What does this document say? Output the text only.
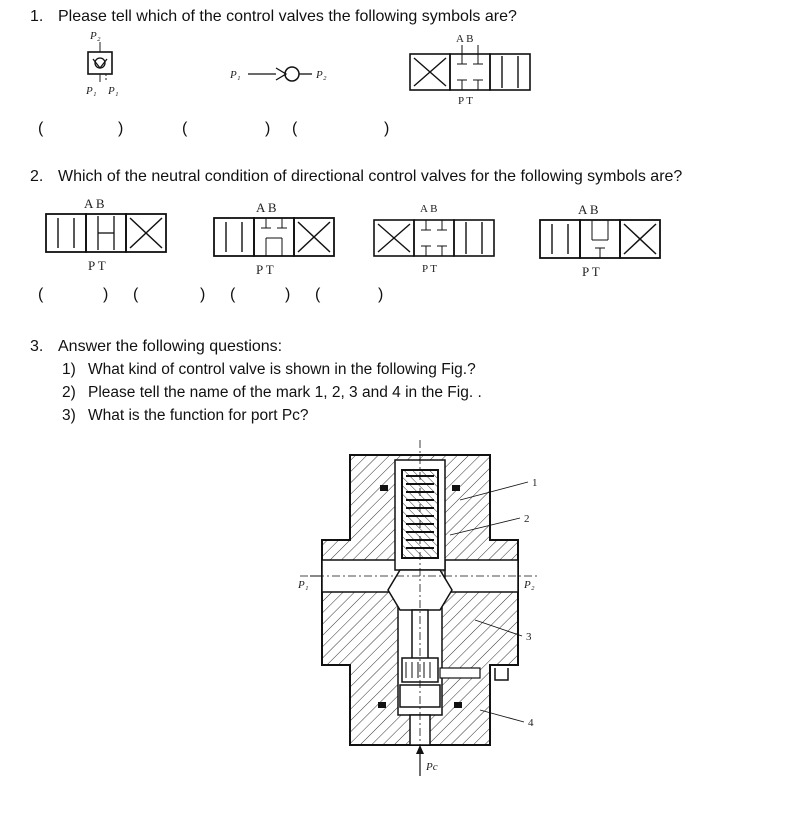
1. Please tell which of the control valves the following symbols are?
P₂
P₁ P₁
P₁	P₂
A B
P T
(	)	(	) (	)
2. Which of the neutral condition of directional control valves for the following symbols are?
A B
P T
A B
P T
A B
P T
A B
P T
(	) (	) (	) (	)
3. Answer the following questions:
1) What kind of control valve is shown in the following Fig.?
2) Please tell the name of the mark 1, 2, 3 and 4 in the Fig. .
3) What is the function for port Pc?
P₁	P₂
1
2
3
4
Pc
